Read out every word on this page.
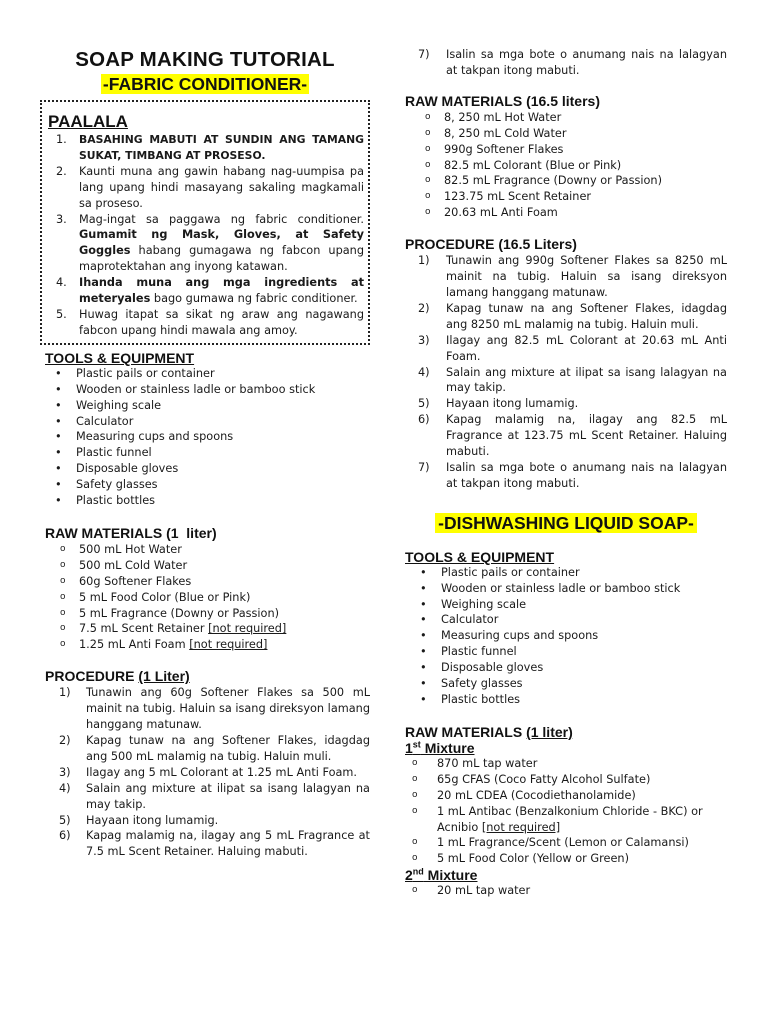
SOAP MAKING TUTORIAL
-FABRIC CONDITIONER-
PAALALA
1. BASAHING MABUTI AT SUNDIN ANG TAMANG SUKAT, TIMBANG AT PROSESO.
2. Kaunti muna ang gawin habang nag-uumpisa pa lang upang hindi masayang sakaling magkamali sa proseso.
3. Mag-ingat sa paggawa ng fabric conditioner. Gumamit ng Mask, Gloves, at Safety Goggles habang gumagawa ng fabcon upang maprotektahan ang inyong katawan.
4. Ihanda muna ang mga ingredients at meteryales bago gumawa ng fabric conditioner.
5. Huwag itapat sa sikat ng araw ang nagawang fabcon upang hindi mawala ang amoy.
TOOLS & EQUIPMENT
• Plastic pails or container
• Wooden or stainless ladle or bamboo stick
• Weighing scale
• Calculator
• Measuring cups and spoons
• Plastic funnel
• Disposable gloves
• Safety glasses
• Plastic bottles
RAW MATERIALS (1  liter)
o 500 mL Hot Water
o 500 mL Cold Water
o 60g Softener Flakes
o 5 mL Food Color (Blue or Pink)
o 5 mL Fragrance (Downy or Passion)
o 7.5 mL Scent Retainer [not required]
o 1.25 mL Anti Foam [not required]
PROCEDURE (1 Liter)
1) Tunawin ang 60g Softener Flakes sa 500 mL mainit na tubig. Haluin sa isang direksyon lamang hanggang matunaw.
2) Kapag tunaw na ang Softener Flakes, idagdag ang 500 mL malamig na tubig. Haluin muli.
3) Ilagay ang 5 mL Colorant at 1.25 mL Anti Foam.
4) Salain ang mixture at ilipat sa isang lalagyan na may takip.
5) Hayaan itong lumamig.
6) Kapag malamig na, ilagay ang 5 mL Fragrance at 7.5 mL Scent Retainer. Haluing mabuti.
7) Isalin sa mga bote o anumang nais na lalagyan at takpan itong mabuti.
RAW MATERIALS (16.5 liters)
o 8, 250 mL Hot Water
o 8, 250 mL Cold Water
o 990g Softener Flakes
o 82.5 mL Colorant (Blue or Pink)
o 82.5 mL Fragrance (Downy or Passion)
o 123.75 mL Scent Retainer
o 20.63 mL Anti Foam
PROCEDURE (16.5 Liters)
1) Tunawin ang 990g Softener Flakes sa 8250 mL mainit na tubig. Haluin sa isang direksyon lamang hanggang matunaw.
2) Kapag tunaw na ang Softener Flakes, idagdag ang 8250 mL malamig na tubig. Haluin muli.
3) Ilagay ang 82.5 mL Colorant at 20.63 mL Anti Foam.
4) Salain ang mixture at ilipat sa isang lalagyan na may takip.
5) Hayaan itong lumamig.
6) Kapag malamig na, ilagay ang 82.5 mL Fragrance at 123.75 mL Scent Retainer. Haluing mabuti.
7) Isalin sa mga bote o anumang nais na lalagyan at takpan itong mabuti.
-DISHWASHING LIQUID SOAP-
TOOLS & EQUIPMENT
• Plastic pails or container
• Wooden or stainless ladle or bamboo stick
• Weighing scale
• Calculator
• Measuring cups and spoons
• Plastic funnel
• Disposable gloves
• Safety glasses
• Plastic bottles
RAW MATERIALS (1 liter)
1st Mixture
o 870 mL tap water
o 65g CFAS (Coco Fatty Alcohol Sulfate)
o 20 mL CDEA (Cocodiethanolamide)
o 1 mL Antibac (Benzalkonium Chloride - BKC) or Acnibio [not required]
o 1 mL Fragrance/Scent (Lemon or Calamansi)
o 5 mL Food Color (Yellow or Green)
2nd Mixture
o 20 mL tap water
